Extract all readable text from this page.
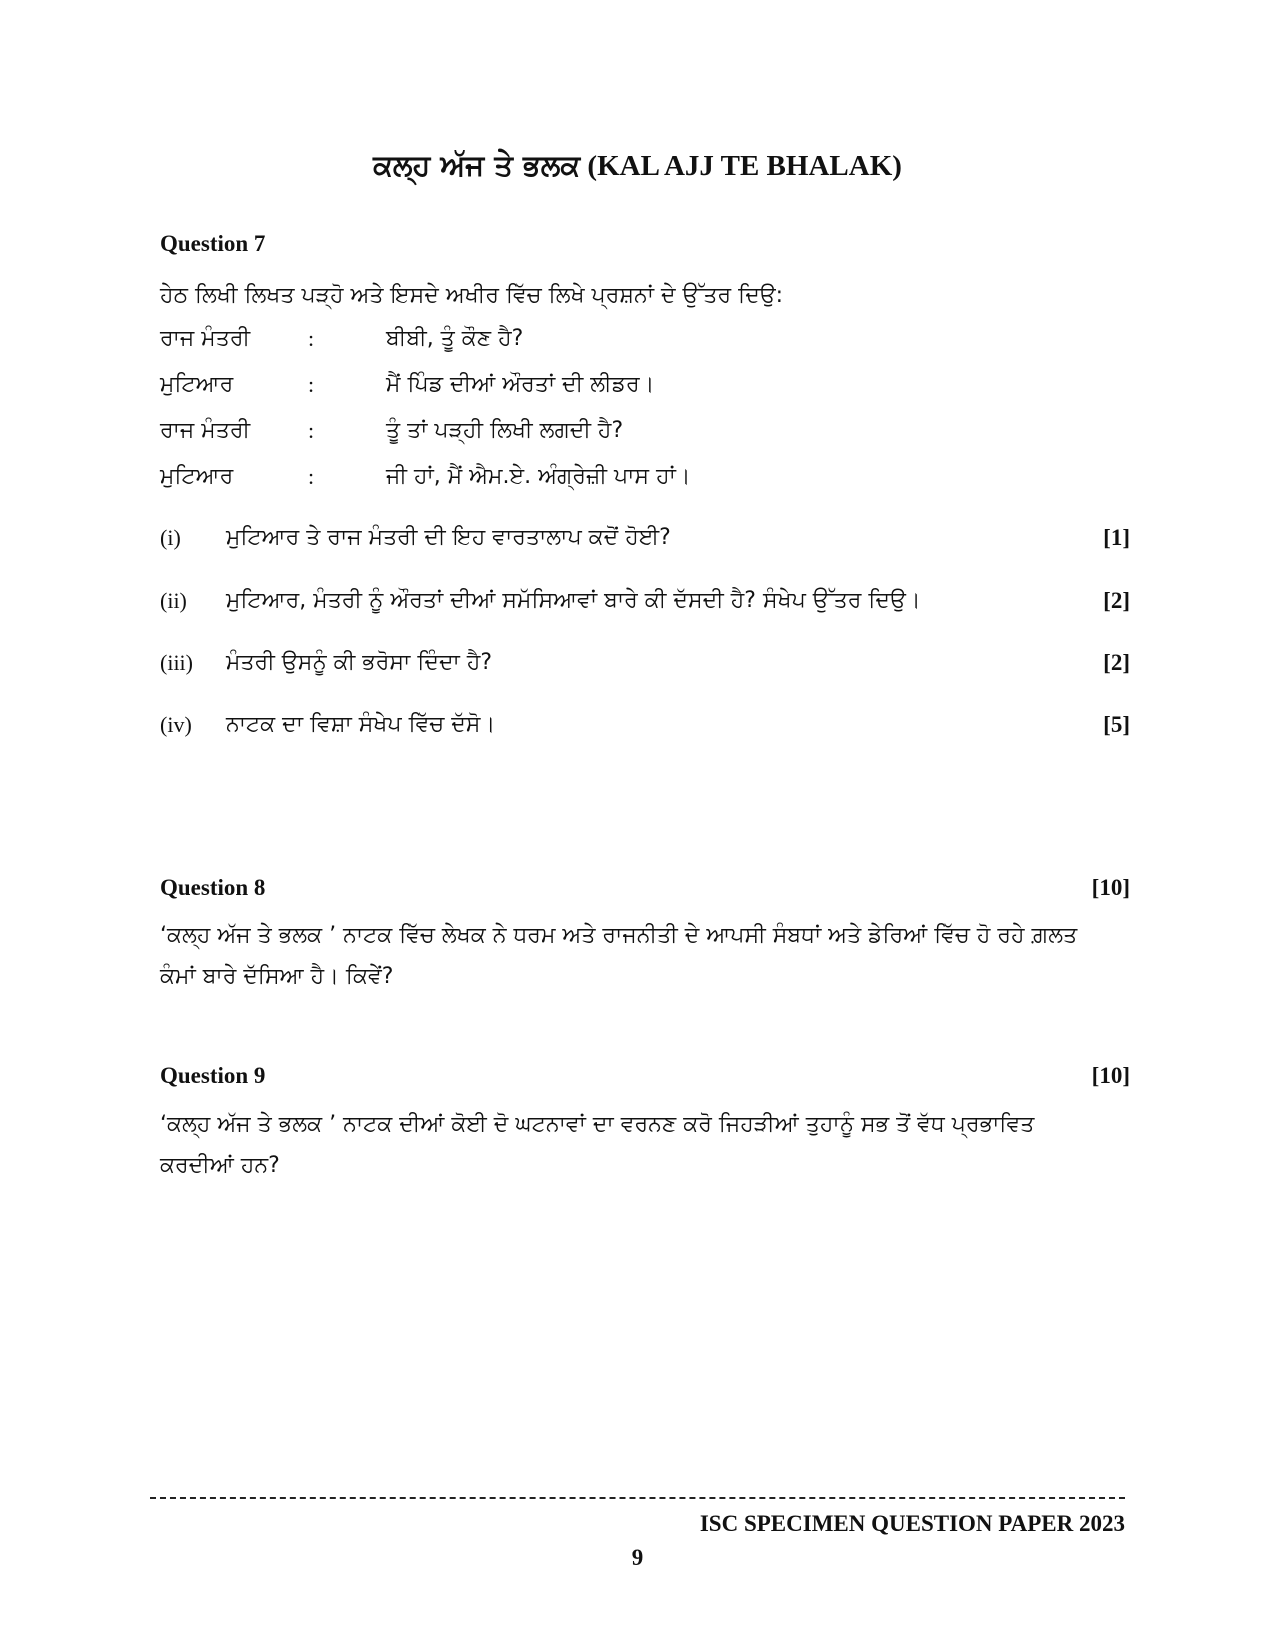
ਕਲ੍ਹ ਅੱਜ ਤੇ ਭਲਕ (KAL AJJ TE BHALAK)
Question 7
ਹੇਠ ਲਿਖੀ ਲਿਖਤ ਪੜ੍ਹੋ ਅਤੇ ਇਸਦੇ ਅਖੀਰ ਵਿੱਚ ਲਿਖੇ ਪ੍ਰਸ਼ਨਾਂ ਦੇ ਉੱਤਰ ਦਿਉ:
ਰਾਜ ਮੰਤਰੀ	:	ਬੀਬੀ, ਤੂੰ ਕੌਣ ਹੈ?
ਮੁਟਿਆਰ	:	ਮੈਂ ਪਿੰਡ ਦੀਆਂ ਔਰਤਾਂ ਦੀ ਲੀਡਰ।
ਰਾਜ ਮੰਤਰੀ	:	ਤੂੰ ਤਾਂ ਪੜ੍ਹੀ ਲਿਖੀ ਲਗਦੀ ਹੈ?
ਮੁਟਿਆਰ	:	ਜੀ ਹਾਂ, ਮੈਂ ਐਮ.ਏ. ਅੰਗ੍ਰੇਜ਼ੀ ਪਾਸ ਹਾਂ।
(i) ਮੁਟਿਆਰ ਤੇ ਰਾਜ ਮੰਤਰੀ ਦੀ ਇਹ ਵਾਰਤਾਲਾਪ ਕਦੋਂ ਹੋਈ?	[1]
(ii) ਮੁਟਿਆਰ, ਮੰਤਰੀ ਨੂੰ ਔਰਤਾਂ ਦੀਆਂ ਸਮੱਸਿਆਵਾਂ ਬਾਰੇ ਕੀ ਦੱਸਦੀ ਹੈ? ਸੰਖੇਪ ਉੱਤਰ ਦਿਉ।	[2]
(iii) ਮੰਤਰੀ ਉਸਨੂੰ ਕੀ ਭਰੋਸਾ ਦਿੰਦਾ ਹੈ?	[2]
(iv) ਨਾਟਕ ਦਾ ਵਿਸ਼ਾ ਸੰਖੇਪ ਵਿੱਚ ਦੱਸੋ।	[5]
Question 8	[10]
‘ਕਲ੍ਹ ਅੱਜ ਤੇ ਭਲਕ ’ ਨਾਟਕ ਵਿੱਚ ਲੇਖਕ ਨੇ ਧਰਮ ਅਤੇ ਰਾਜਨੀਤੀ ਦੇ ਆਪਸੀ ਸੰਬਧਾਂ ਅਤੇ ਡੇਰਿਆਂ ਵਿੱਚ ਹੋ ਰਹੇ ਗ਼ਲਤ ਕੰਮਾਂ ਬਾਰੇ ਦੱਸਿਆ ਹੈ। ਕਿਵੇਂ?
Question 9	[10]
‘ਕਲ੍ਹ ਅੱਜ ਤੇ ਭਲਕ ’ ਨਾਟਕ ਦੀਆਂ ਕੋਈ ਦੋ ਘਟਨਾਵਾਂ ਦਾ ਵਰਨਣ ਕਰੋ ਜਿਹੜੀਆਂ ਤੁਹਾਨੂੰ ਸਭ ਤੋਂ ਵੱਧ ਪ੍ਰਭਾਵਿਤ ਕਰਦੀਆਂ ਹਨ?
ISC SPECIMEN QUESTION PAPER 2023
9
